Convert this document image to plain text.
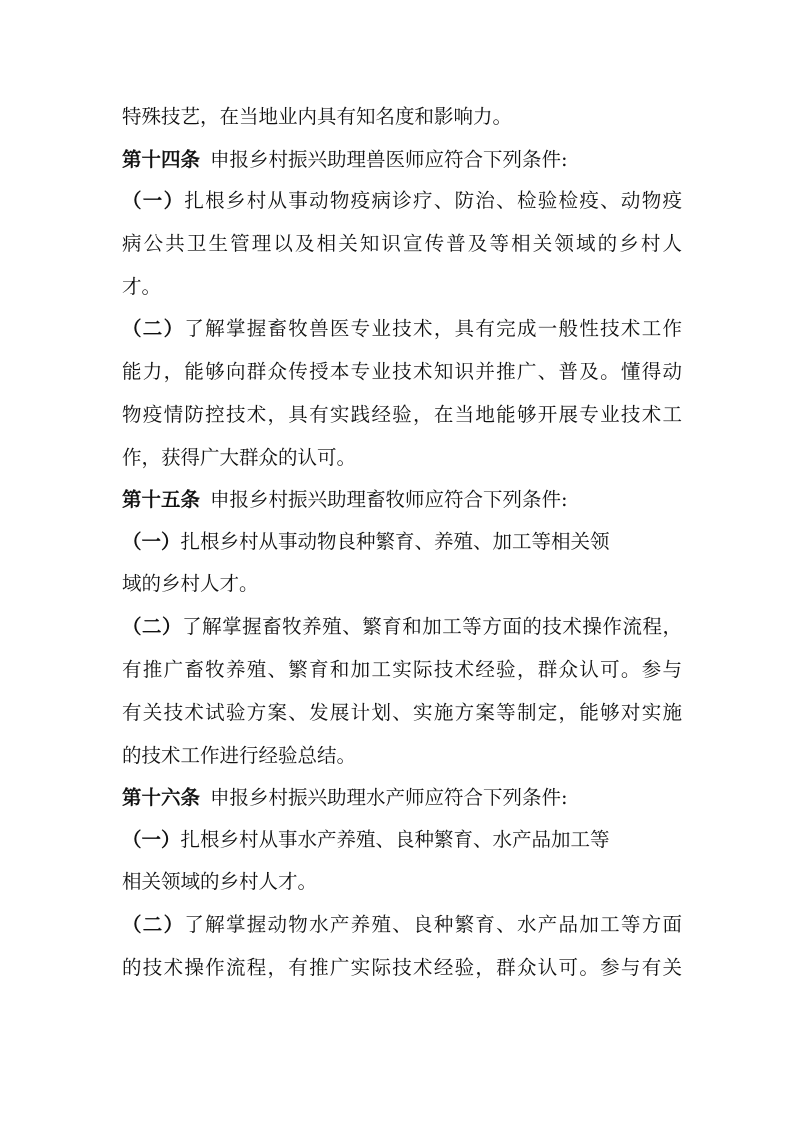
特殊技艺，在当地业内具有知名度和影响力。
第十四条 申报乡村振兴助理兽医师应符合下列条件:
（一）扎根乡村从事动物疫病诊疗、防治、检验检疫、动物疫
病公共卫生管理以及相关知识宣传普及等相关领域的乡村人
才。
（二）了解掌握畜牧兽医专业技术，具有完成一般性技术工作
能力，能够向群众传授本专业技术知识并推广、普及。懂得动
物疫情防控技术，具有实践经验，在当地能够开展专业技术工
作，获得广大群众的认可。
第十五条 申报乡村振兴助理畜牧师应符合下列条件:
（一）扎根乡村从事动物良种繁育、养殖、加工等相关领
域的乡村人才。
（二）了解掌握畜牧养殖、繁育和加工等方面的技术操作流程，
有推广畜牧养殖、繁育和加工实际技术经验，群众认可。参与
有关技术试验方案、发展计划、实施方案等制定，能够对实施
的技术工作进行经验总结。
第十六条 申报乡村振兴助理水产师应符合下列条件:
（一）扎根乡村从事水产养殖、良种繁育、水产品加工等
相关领域的乡村人才。
（二）了解掌握动物水产养殖、良种繁育、水产品加工等方面
的技术操作流程，有推广实际技术经验，群众认可。参与有关
